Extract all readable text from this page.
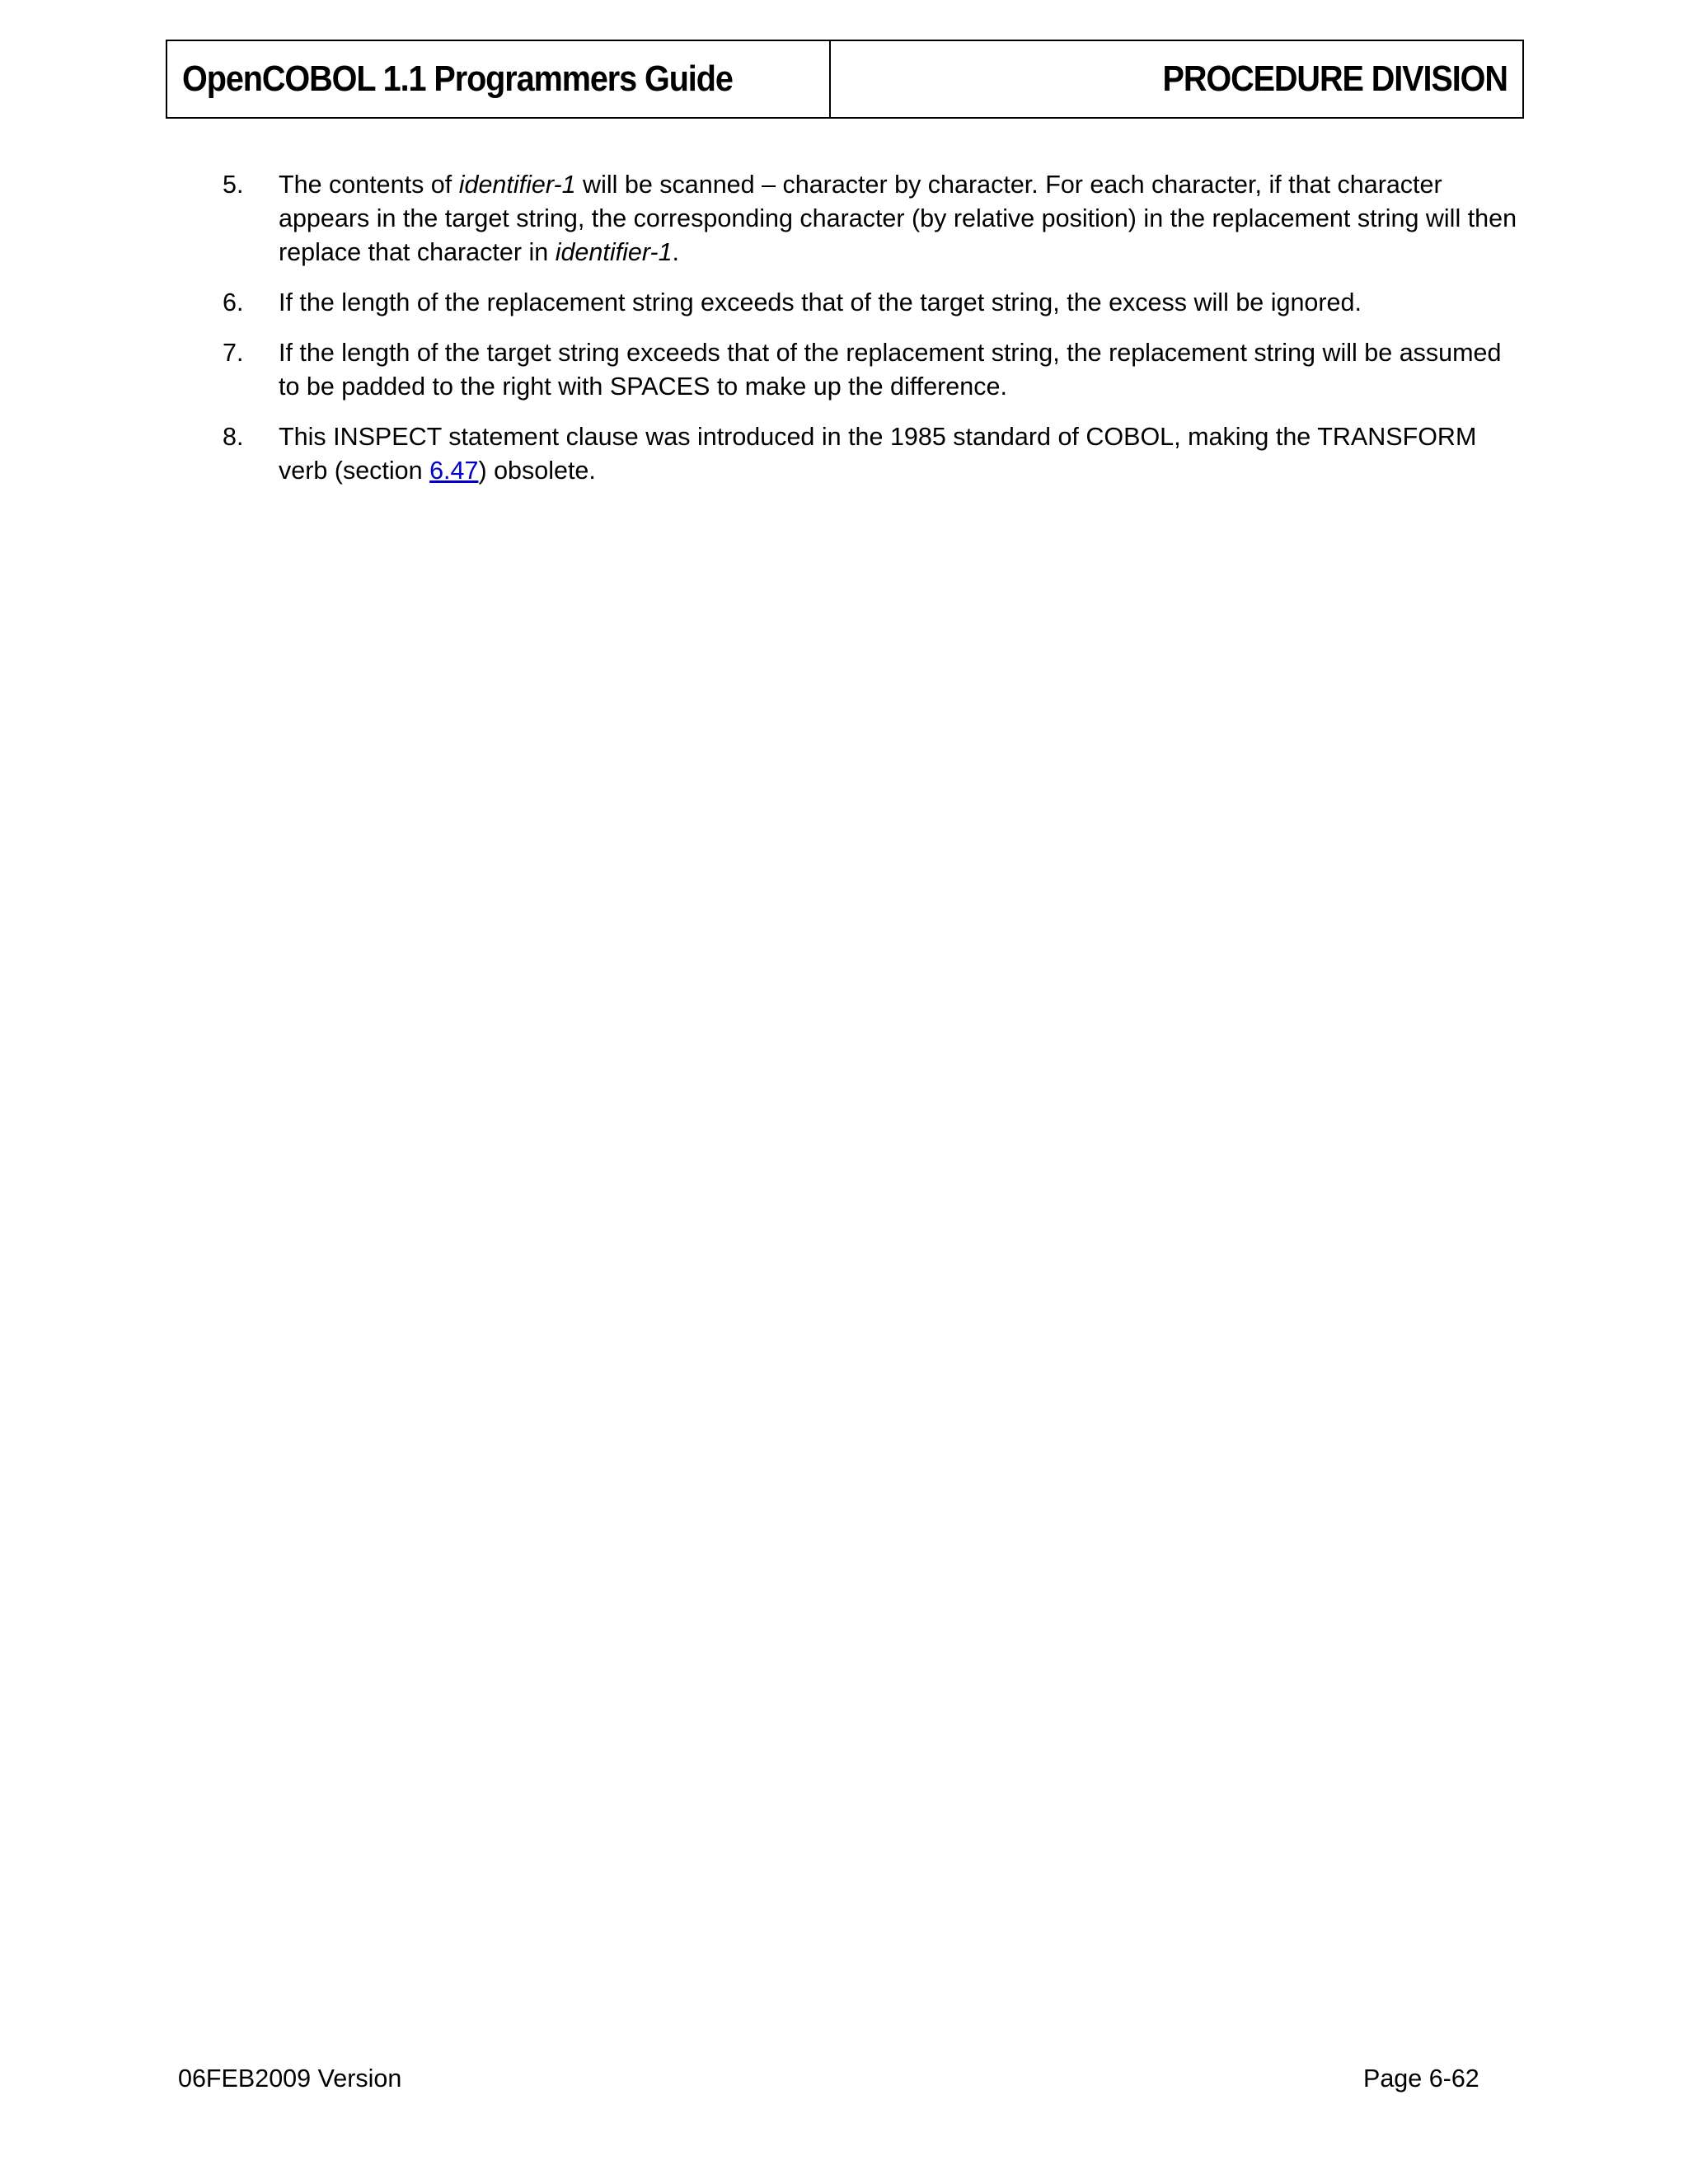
OpenCOBOL 1.1 Programmers Guide	PROCEDURE DIVISION
5.	The contents of identifier-1 will be scanned – character by character. For each character, if that character appears in the target string, the corresponding character (by relative position) in the replacement string will then replace that character in identifier-1.
6.	If the length of the replacement string exceeds that of the target string, the excess will be ignored.
7.	If the length of the target string exceeds that of the replacement string, the replacement string will be assumed to be padded to the right with SPACES to make up the difference.
8.	This INSPECT statement clause was introduced in the 1985 standard of COBOL, making the TRANSFORM verb (section 6.47) obsolete.
06FEB2009 Version	Page 6-62
